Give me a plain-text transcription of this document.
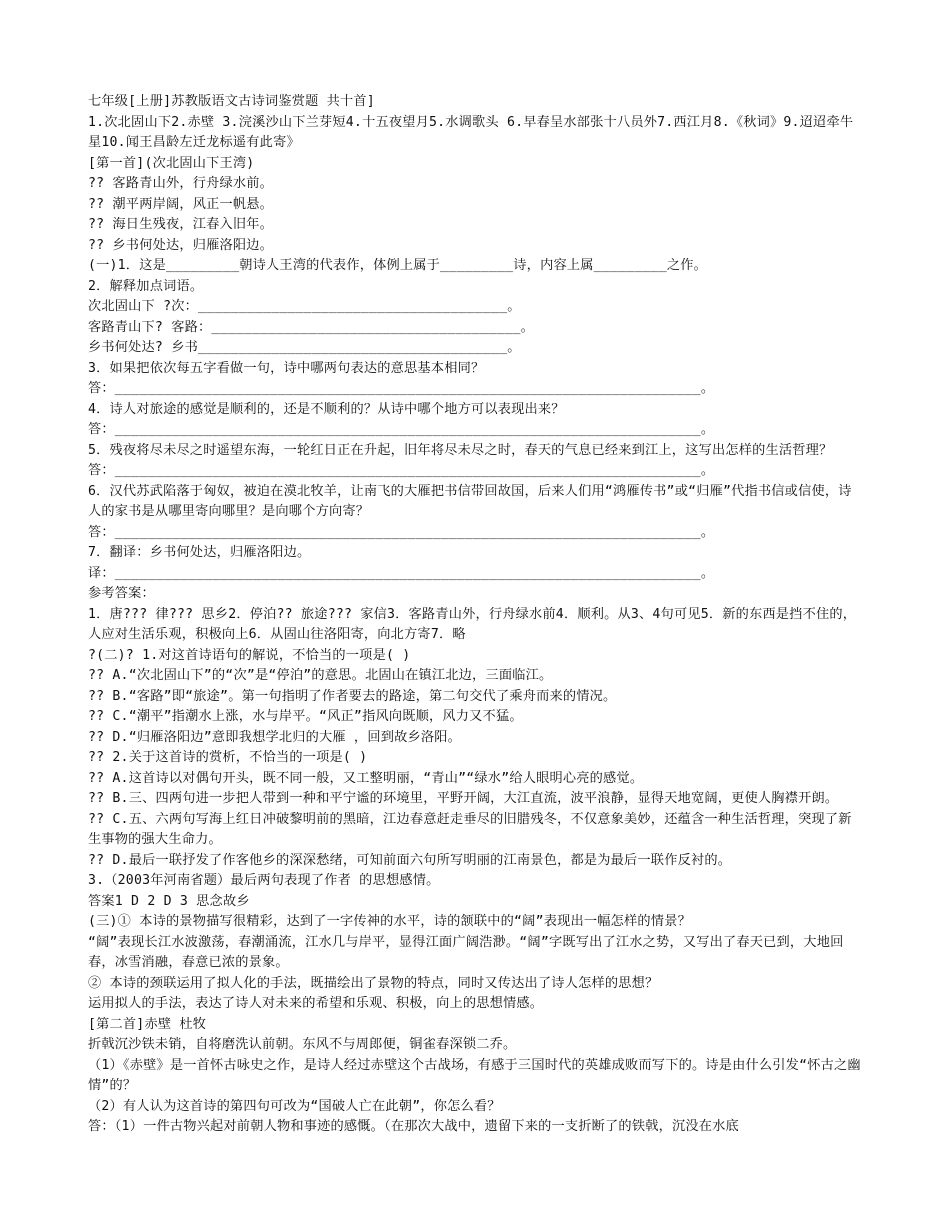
七年级[上册]苏教版语文古诗词鉴赏题 共十首]
1.次北固山下2.赤壁 3.浣溪沙山下兰芽短4.十五夜望月5.水调歌头 6.早春呈水部张十八员外7.西江月8.《秋词》9.迢迢牵牛星10.闻王昌龄左迁龙标遥有此寄》
[第一首](次北固山下王湾)
?? 客路青山外，行舟绿水前。
?? 潮平两岸阔，风正一帆悬。
?? 海日生残夜，江春入旧年。
?? 乡书何处达，归雁洛阳边。
(一)1．这是_________朝诗人王湾的代表作，体例上属于_________诗，内容上属_________之作。
2．解释加点词语。
次北固山下 ?次：______________________________________。
客路青山下? 客路：______________________________________。
乡书何处达? 乡书______________________________________。
3．如果把依次每五字看做一句，诗中哪两句表达的意思基本相同？
答：________________________________________________________________________。
4．诗人对旅途的感觉是顺利的，还是不顺利的？从诗中哪个地方可以表现出来？
答：________________________________________________________________________。
5．残夜将尽未尽之时遥望东海，一轮红日正在升起，旧年将尽未尽之时，春天的气息已经来到江上，这写出怎样的生活哲理？
答：________________________________________________________________________。
6．汉代苏武陷落于匈奴，被迫在漠北牧羊，让南飞的大雁把书信带回故国，后来人们用“鸿雁传书”或“归雁”代指书信或信使，诗人的家书是从哪里寄向哪里？是向哪个方向寄？
答：________________________________________________________________________。
7．翻译：乡书何处达，归雁洛阳边。
译：________________________________________________________________________。
参考答案：
1．唐??? 律??? 思乡2．停泊?? 旅途??? 家信3．客路青山外，行舟绿水前4．顺利。从3、4句可见5．新的东西是挡不住的，人应对生活乐观，积极向上6．从固山往洛阳寄，向北方寄7．略
?(二)? 1.对这首诗语句的解说，不恰当的一项是( )
?? A.“次北固山下”的“次”是“停泊”的意思。北固山在镇江北边，三面临江。
?? B.“客路”即“旅途”。第一句指明了作者要去的路途，第二句交代了乘舟而来的情况。
?? C.“潮平”指潮水上涨，水与岸平。“风正”指风向既顺，风力又不猛。
?? D.“归雁洛阳边”意即我想学北归的大雁 ，回到故乡洛阳。
?? 2.关于这首诗的赏析，不恰当的一项是( )
?? A.这首诗以对偶句开头，既不同一般，又工整明丽，“青山”“绿水”给人眼明心亮的感觉。
?? B.三、四两句进一步把人带到一种和平宁谧的环境里，平野开阔，大江直流，波平浪静，显得天地宽阔，更使人胸襟开朗。
?? C.五、六两句写海上红日冲破黎明前的黑暗，江边春意赶走垂尽的旧腊残冬，不仅意象美妙，还蕴含一种生活哲理，突现了新生事物的强大生命力。
?? D.最后一联抒发了作客他乡的深深愁绪，可知前面六句所写明丽的江南景色，都是为最后一联作反衬的。
3.（2003年河南省题）最后两句表现了作者 的思想感情。
答案1 D 2 D 3 思念故乡
(三)① 本诗的景物描写很精彩，达到了一字传神的水平，诗的颔联中的“阔”表现出一幅怎样的情景？
“阔”表现长江水波激荡，春潮涌流，江水几与岸平，显得江面广阔浩渺。“阔”字既写出了江水之势，又写出了春天已到，大地回春，冰雪消融，春意已浓的景象。
② 本诗的颈联运用了拟人化的手法，既描绘出了景物的特点，同时又传达出了诗人怎样的思想？
运用拟人的手法，表达了诗人对未来的希望和乐观、积极，向上的思想情感。
[第二首]赤壁 杜牧
折戟沉沙铁未销，自将磨洗认前朝。东风不与周郎便，铜雀春深锁二乔。
（1）《赤壁》是一首怀古咏史之作，是诗人经过赤壁这个古战场，有感于三国时代的英雄成败而写下的。诗是由什么引发“怀古之幽情”的？
（2）有人认为这首诗的第四句可改为“国破人亡在此朝”，你怎么看？
答：（1）一件古物兴起对前朝人物和事迹的感慨。（在那次大战中，遗留下来的一支折断了的铁戟，沉没在水底
